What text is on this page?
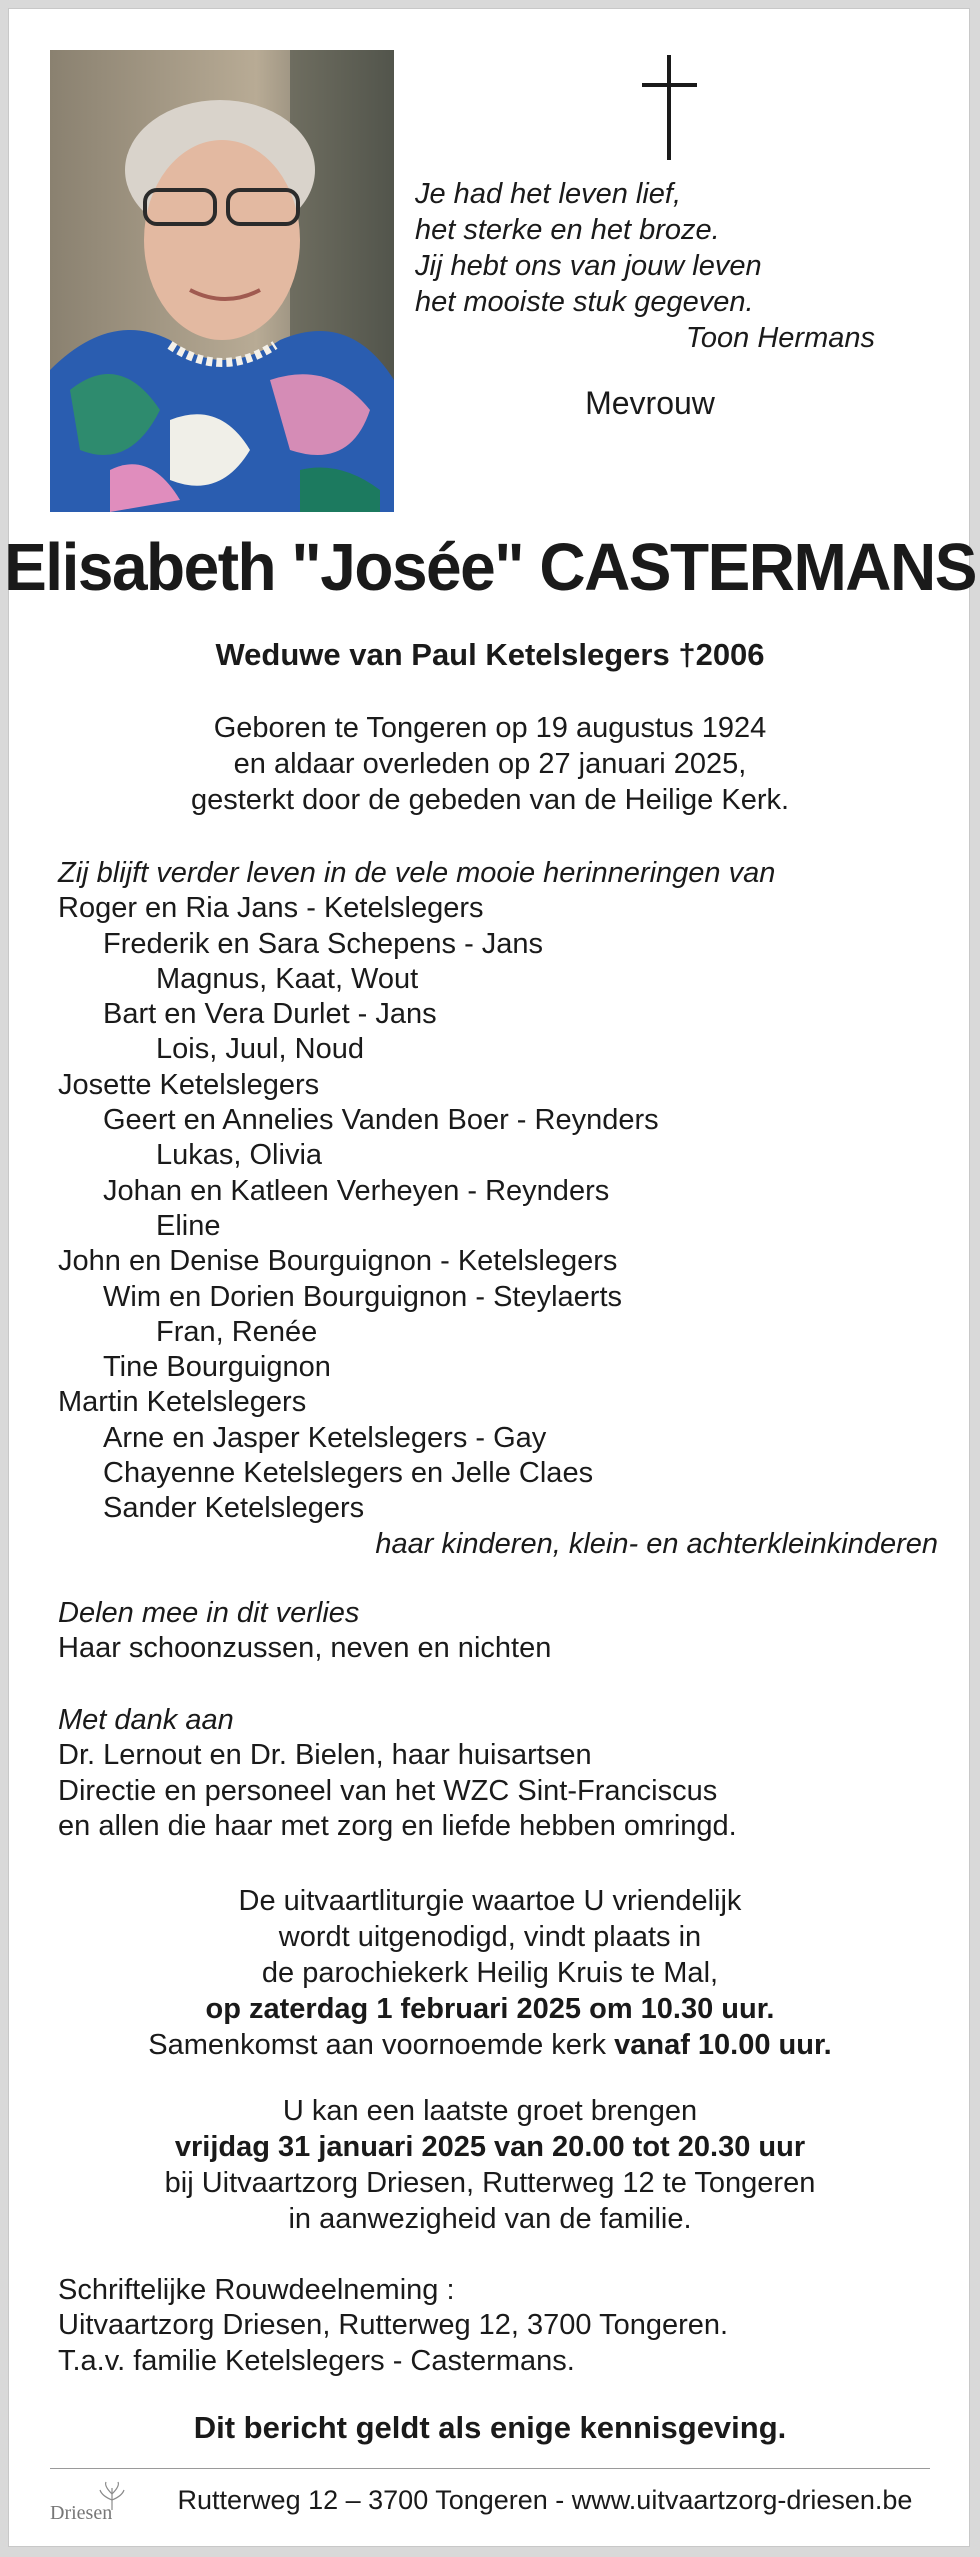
Je had het leven lief,
het sterke en het broze.
Jij hebt ons van jouw leven
het mooiste stuk gegeven.
Toon Hermans
Mevrouw
Elisabeth "Josée" CASTERMANS
Weduwe van Paul Ketelslegers †2006
Geboren te Tongeren op 19 augustus 1924
en aldaar overleden op 27 januari 2025,
gesterkt door de gebeden van de Heilige Kerk.
Zij blijft verder leven in de vele mooie herinneringen van
Roger en Ria Jans - Ketelslegers
Frederik en Sara Schepens - Jans
Magnus, Kaat, Wout
Bart en Vera Durlet - Jans
Lois, Juul, Noud
Josette Ketelslegers
Geert en Annelies Vanden Boer - Reynders
Lukas, Olivia
Johan en Katleen Verheyen - Reynders
Eline
John en Denise Bourguignon - Ketelslegers
Wim en Dorien Bourguignon - Steylaerts
Fran, Renée
Tine Bourguignon
Martin Ketelslegers
Arne en Jasper Ketelslegers - Gay
Chayenne Ketelslegers en Jelle Claes
Sander Ketelslegers
haar kinderen, klein- en achterkleinkinderen
Delen mee in dit verlies
Haar schoonzussen, neven en nichten
Met dank aan
Dr. Lernout en Dr. Bielen, haar huisartsen
Directie en personeel van het WZC Sint-Franciscus
en allen die haar met zorg en liefde hebben omringd.
De uitvaartliturgie waartoe U vriendelijk
wordt uitgenodigd, vindt plaats in
de parochiekerk Heilig Kruis te Mal,
op zaterdag 1 februari 2025 om 10.30 uur.
Samenkomst aan voornoemde kerk vanaf 10.00 uur.
U kan een laatste groet brengen
vrijdag 31 januari 2025 van 20.00 tot 20.30 uur
bij Uitvaartzorg Driesen, Rutterweg 12 te Tongeren
in aanwezigheid van de familie.
Schriftelijke Rouwdeelneming :
Uitvaartzorg Driesen, Rutterweg 12, 3700 Tongeren.
T.a.v. familie Ketelslegers - Castermans.
Dit bericht geldt als enige kennisgeving.
Driesen	Rutterweg 12 – 3700 Tongeren - www.uitvaartzorg-driesen.be
